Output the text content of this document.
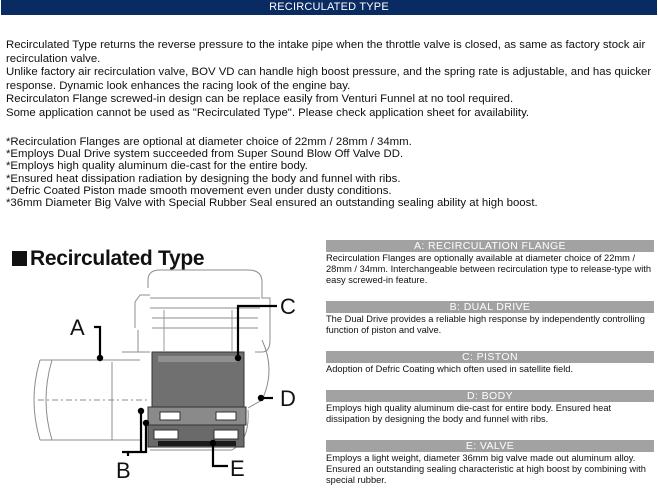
RECIRCULATED TYPE

Recirculated Type returns the reverse pressure to the intake pipe when the throttle valve is closed, as same as factory stock air recirculation valve.

Unlike factory air recirculation valve, BOV VD can handle high boost pressure, and the spring rate is adjustable, and has quicker response. Dynamic look enhances the racing look of the engine bay.

Recirculaton Flange screwed-in design can be replace easily from Venturi Funnel at no tool required.

Some application cannot be used as "Recirculated Type". Please check application sheet for availability.

*Recirculation Flanges are optional at diameter choice of 22mm / 28mm / 34mm.

*Employs Dual Drive system succeeded from Super Sound Blow Off Valve DD.

*Employs high quality aluminum die-cast for the entire body.

*Ensured heat dissipation radiation by designing the body and funnel with ribs.

*Defric Coated Piston made smooth movement even under dusty conditions.

*36mm Diameter Big Valve with Special Rubber Seal ensured an outstanding sealing ability at high boost.

Recirculated Type
A
B
C
D
E
A: RECIRCULATION FLANGE
Recirculation Flanges are optionally available at diameter choice of 22mm / 28mm / 34mm. Interchangeable between recirculation type to release-type with easy screwed-in feature.
B: DUAL DRIVE
The Dual Drive provides a reliable high response by independently controlling function of piston and valve.
C: PISTON
Adoption of Defric Coating which often used in satellite field.
D: BODY
Employs high quality aluminum die-cast for entire body. Ensured heat dissipation by designing the body and funnel with ribs.
E: VALVE
Employs a light weight, diameter 36mm big valve made out aluminum alloy. Ensured an outstanding sealing characteristic at high boost by combining with special rubber.
